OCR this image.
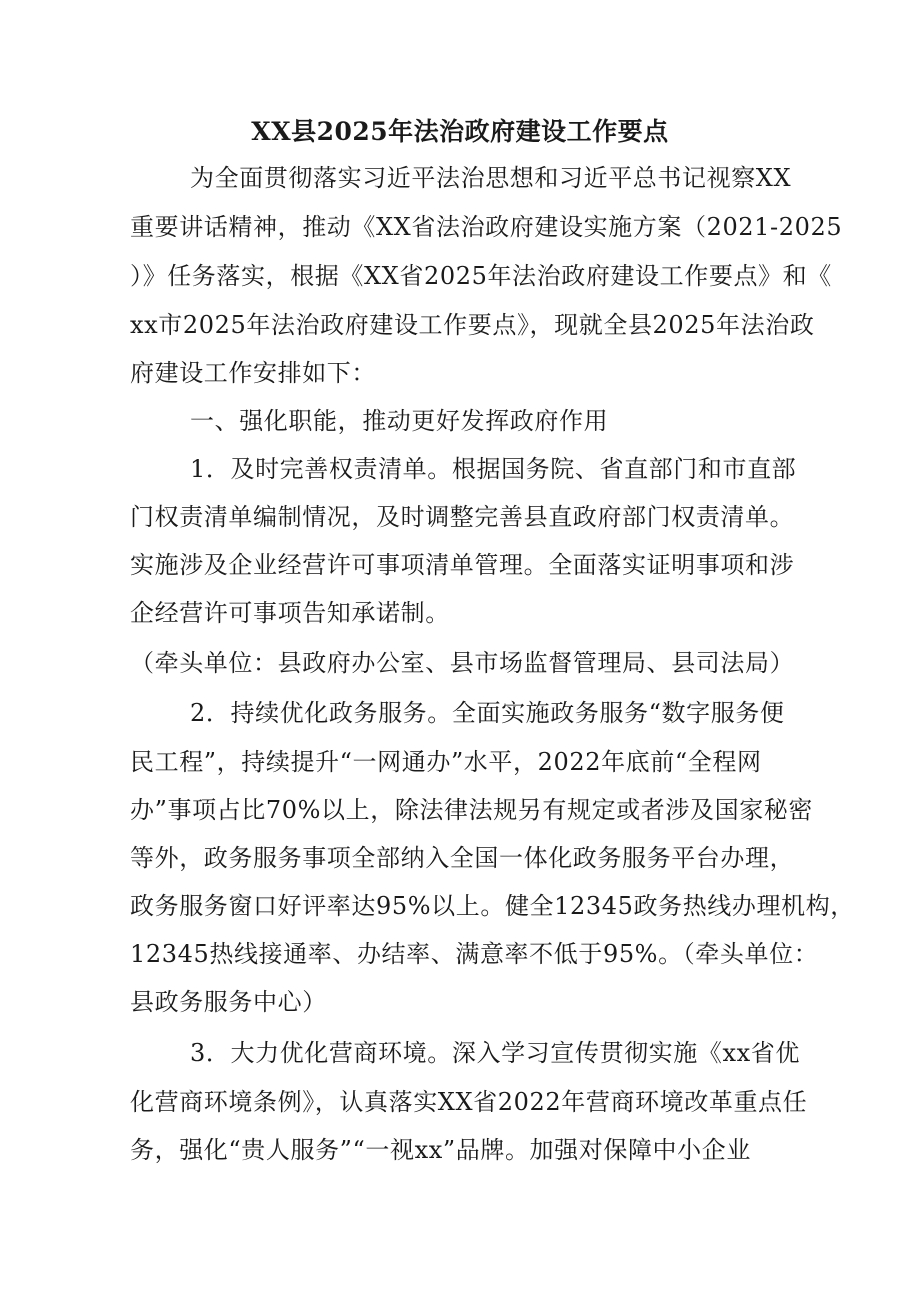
XX县2025年法治政府建设工作要点
为全面贯彻落实习近平法治思想和习近平总书记视察XX
重要讲话精神，推动《XX省法治政府建设实施方案（2021-2025
）》任务落实，根据《XX省2025年法治政府建设工作要点》和《
xx市2025年法治政府建设工作要点》，现就全县2025年法治政
府建设工作安排如下：
一、强化职能，推动更好发挥政府作用
1．及时完善权责清单。根据国务院、省直部门和市直部
门权责清单编制情况，及时调整完善县直政府部门权责清单。
实施涉及企业经营许可事项清单管理。全面落实证明事项和涉
企经营许可事项告知承诺制。
（牵头单位：县政府办公室、县市场监督管理局、县司法局）
2．持续优化政务服务。全面实施政务服务“数字服务便
民工程”，持续提升“一网通办”水平，2022年底前“全程网
办”事项占比70%以上，除法律法规另有规定或者涉及国家秘密
等外，政务服务事项全部纳入全国一体化政务服务平台办理，
政务服务窗口好评率达95%以上。健全12345政务热线办理机构，
12345热线接通率、办结率、满意率不低于95%。（牵头单位：
县政务服务中心）
3．大力优化营商环境。深入学习宣传贯彻实施《xx省优
化营商环境条例》，认真落实XX省2022年营商环境改革重点任
务，强化“贵人服务”“一视xx”品牌。加强对保障中小企业
